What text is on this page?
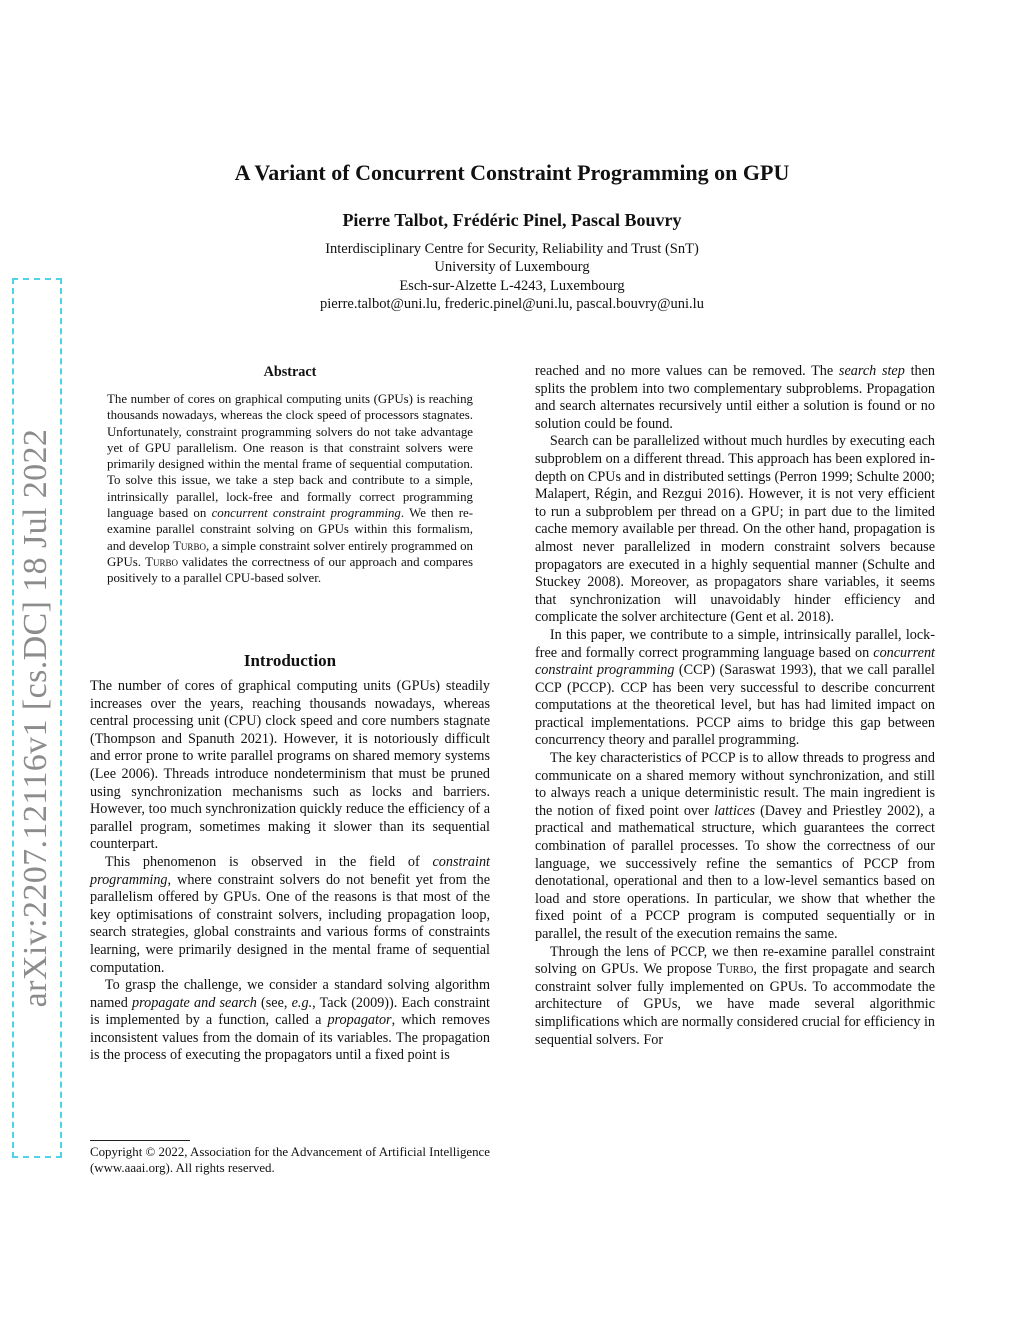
arXiv:2207.12116v1 [cs.DC] 18 Jul 2022
A Variant of Concurrent Constraint Programming on GPU
Pierre Talbot, Frédéric Pinel, Pascal Bouvry
Interdisciplinary Centre for Security, Reliability and Trust (SnT)
University of Luxembourg
Esch-sur-Alzette L-4243, Luxembourg
pierre.talbot@uni.lu, frederic.pinel@uni.lu, pascal.bouvry@uni.lu
Abstract
The number of cores on graphical computing units (GPUs) is reaching thousands nowadays, whereas the clock speed of processors stagnates. Unfortunately, constraint programming solvers do not take advantage yet of GPU parallelism. One reason is that constraint solvers were primarily designed within the mental frame of sequential computation. To solve this issue, we take a step back and contribute to a simple, intrinsically parallel, lock-free and formally correct programming language based on concurrent constraint programming. We then re-examine parallel constraint solving on GPUs within this formalism, and develop Turbo, a simple constraint solver entirely programmed on GPUs. Turbo validates the correctness of our approach and compares positively to a parallel CPU-based solver.
Introduction

The number of cores of graphical computing units (GPUs) steadily increases over the years, reaching thousands nowadays, whereas central processing unit (CPU) clock speed and core numbers stagnate (Thompson and Spanuth 2021). However, it is notoriously difficult and error prone to write parallel programs on shared memory systems (Lee 2006). Threads introduce nondeterminism that must be pruned using synchronization mechanisms such as locks and barriers. However, too much synchronization quickly reduce the efficiency of a parallel program, sometimes making it slower than its sequential counterpart.

This phenomenon is observed in the field of constraint programming, where constraint solvers do not benefit yet from the parallelism offered by GPUs. One of the reasons is that most of the key optimisations of constraint solvers, including propagation loop, search strategies, global constraints and various forms of constraints learning, were primarily designed in the mental frame of sequential computation.

To grasp the challenge, we consider a standard solving algorithm named propagate and search (see, e.g., Tack (2009)). Each constraint is implemented by a function, called a propagator, which removes inconsistent values from the domain of its variables. The propagation is the process of executing the propagators until a fixed point is

Copyright © 2022, Association for the Advancement of Artificial Intelligence (www.aaai.org). All rights reserved.

reached and no more values can be removed. The search step then splits the problem into two complementary subproblems. Propagation and search alternates recursively until either a solution is found or no solution could be found.

Search can be parallelized without much hurdles by executing each subproblem on a different thread. This approach has been explored in-depth on CPUs and in distributed settings (Perron 1999; Schulte 2000; Malapert, Régin, and Rezgui 2016). However, it is not very efficient to run a subproblem per thread on a GPU; in part due to the limited cache memory available per thread. On the other hand, propagation is almost never parallelized in modern constraint solvers because propagators are executed in a highly sequential manner (Schulte and Stuckey 2008). Moreover, as propagators share variables, it seems that synchronization will unavoidably hinder efficiency and complicate the solver architecture (Gent et al. 2018).

In this paper, we contribute to a simple, intrinsically parallel, lock-free and formally correct programming language based on concurrent constraint programming (CCP) (Saraswat 1993), that we call parallel CCP (PCCP). CCP has been very successful to describe concurrent computations at the theoretical level, but has had limited impact on practical implementations. PCCP aims to bridge this gap between concurrency theory and parallel programming.

The key characteristics of PCCP is to allow threads to progress and communicate on a shared memory without synchronization, and still to always reach a unique deterministic result. The main ingredient is the notion of fixed point over lattices (Davey and Priestley 2002), a practical and mathematical structure, which guarantees the correct combination of parallel processes. To show the correctness of our language, we successively refine the semantics of PCCP from denotational, operational and then to a low-level semantics based on load and store operations. In particular, we show that whether the fixed point of a PCCP program is computed sequentially or in parallel, the result of the execution remains the same.

Through the lens of PCCP, we then re-examine parallel constraint solving on GPUs. We propose Turbo, the first propagate and search constraint solver fully implemented on GPUs. To accommodate the architecture of GPUs, we have made several algorithmic simplifications which are normally considered crucial for efficiency in sequential solvers. For
